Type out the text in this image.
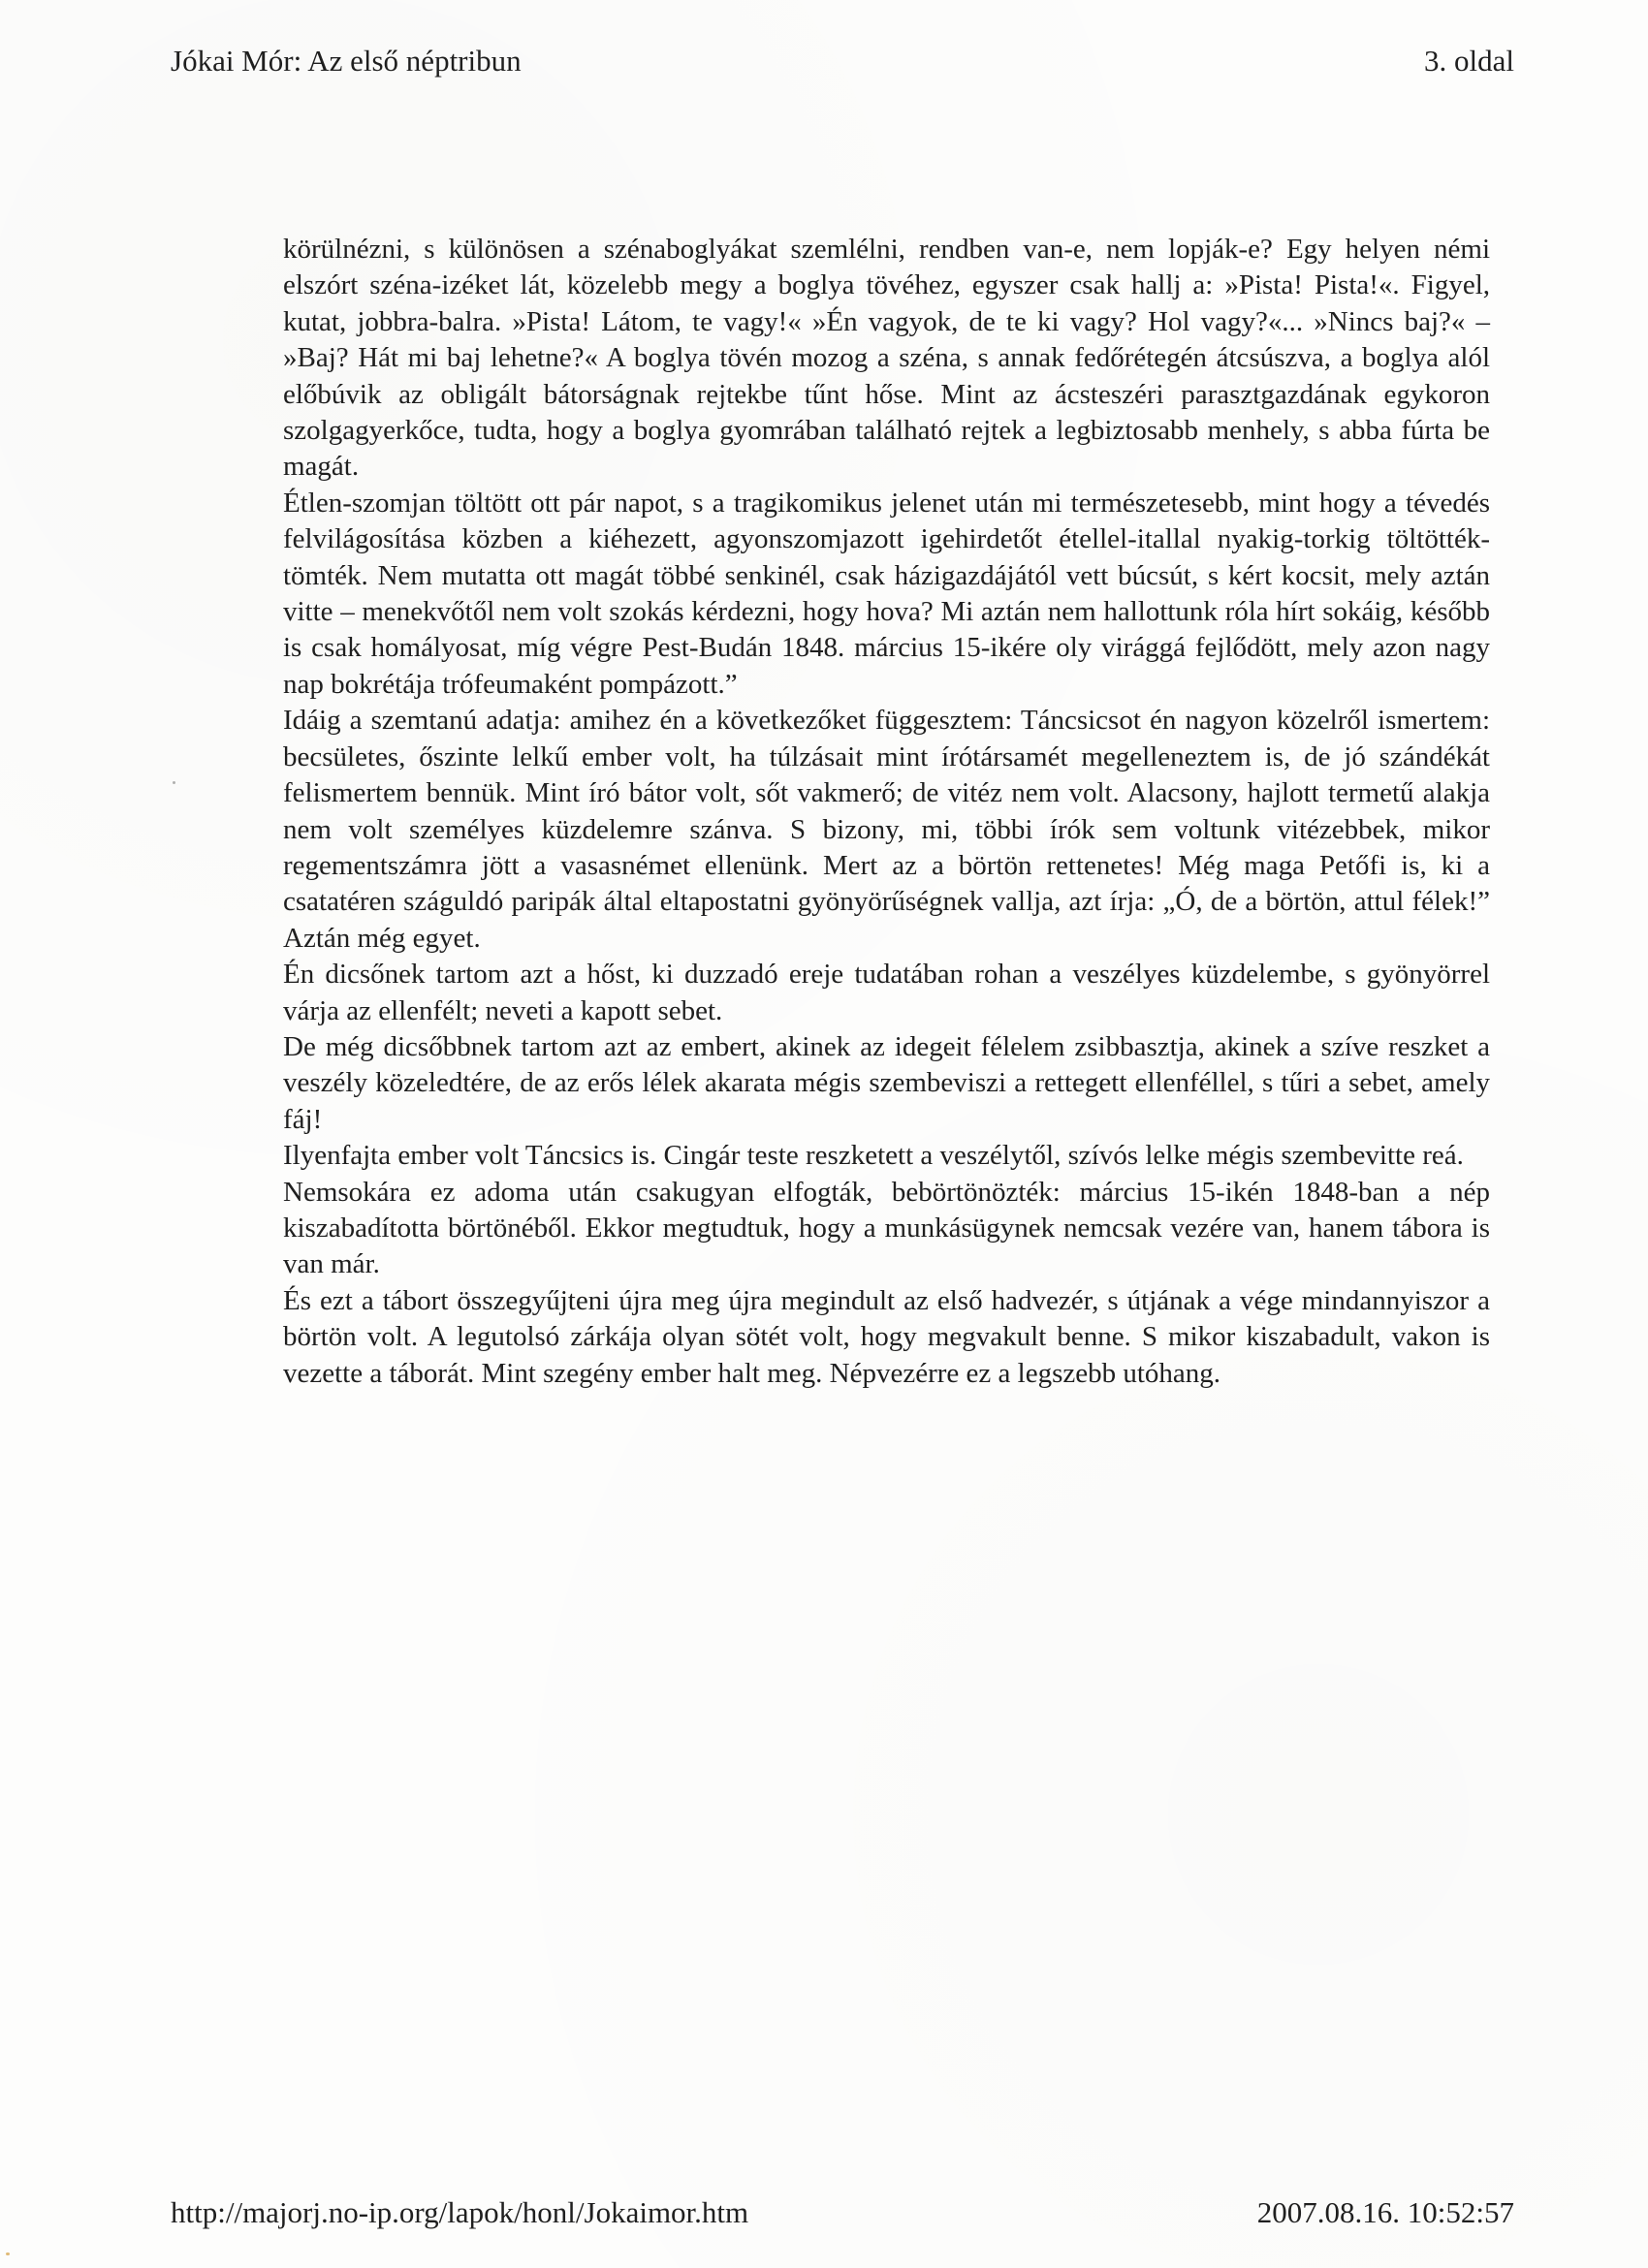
Jókai Mór: Az első néptribun	3. oldal

körülnézni, s különösen a szénaboglyákat szemlélni, rendben van-e, nem lopják-e? Egy helyen némi elszórt széna-izéket lát, közelebb megy a boglya tövéhez, egyszer csak hallj a: »Pista! Pista!«. Figyel, kutat, jobbra-balra. »Pista! Látom, te vagy!« »Én vagyok, de te ki vagy? Hol vagy?«... »Nincs baj?« – »Baj? Hát mi baj lehetne?« A boglya tövén mozog a széna, s annak fedőrétegén átcsúszva, a boglya alól előbúvik az obligált bátorságnak rejtekbe tűnt hőse. Mint az ácsteszéri parasztgazdának egykoron szolgagyerkőce, tudta, hogy a boglya gyomrában található rejtek a legbiztosabb menhely, s abba fúrta be magát.

Étlen-szomjan töltött ott pár napot, s a tragikomikus jelenet után mi természetesebb, mint hogy a tévedés felvilágosítása közben a kiéhezett, agyonszomjazott igehirdetőt étellel-itallal nyakig-torkig töltötték-tömték. Nem mutatta ott magát többé senkinél, csak házigazdájától vett búcsút, s kért kocsit, mely aztán vitte – menekvőtől nem volt szokás kérdezni, hogy hova? Mi aztán nem hallottunk róla hírt sokáig, később is csak homályosat, míg végre Pest-Budán 1848. március 15-ikére oly virággá fejlődött, mely azon nagy nap bokrétája trófeumaként pompázott.”

Idáig a szemtanú adatja: amihez én a következőket függesztem: Táncsicsot én nagyon közelről ismertem: becsületes, őszinte lelkű ember volt, ha túlzásait mint írótársamét megelleneztem is, de jó szándékát felismertem bennük. Mint író bátor volt, sőt vakmerő; de vitéz nem volt. Alacsony, hajlott termetű alakja nem volt személyes küzdelemre szánva. S bizony, mi, többi írók sem voltunk vitézebbek, mikor regementszámra jött a vasasnémet ellenünk. Mert az a börtön rettenetes! Még maga Petőfi is, ki a csatatéren száguldó paripák által eltapostatni gyönyörűségnek vallja, azt írja: „Ó, de a börtön, attul félek!” Aztán még egyet.

Én dicsőnek tartom azt a hőst, ki duzzadó ereje tudatában rohan a veszélyes küzdelembe, s gyönyörrel várja az ellenfélt; neveti a kapott sebet.

De még dicsőbbnek tartom azt az embert, akinek az idegeit félelem zsibbasztja, akinek a szíve reszket a veszély közeledtére, de az erős lélek akarata mégis szembeviszi a rettegett ellenféllel, s tűri a sebet, amely fáj!

Ilyenfajta ember volt Táncsics is. Cingár teste reszketett a veszélytől, szívós lelke mégis szembevitte reá.

Nemsokára ez adoma után csakugyan elfogták, bebörtönözték: március 15-ikén 1848-ban a nép kiszabadította börtönéből. Ekkor megtudtuk, hogy a munkásügynek nemcsak vezére van, hanem tábora is van már.

És ezt a tábort összegyűjteni újra meg újra megindult az első hadvezér, s útjának a vége mindannyiszor a börtön volt. A legutolsó zárkája olyan sötét volt, hogy megvakult benne. S mikor kiszabadult, vakon is vezette a táborát. Mint szegény ember halt meg. Népvezérre ez a legszebb utóhang.

http://majorj.no-ip.org/lapok/honl/Jokaimor.htm	2007.08.16. 10:52:57
